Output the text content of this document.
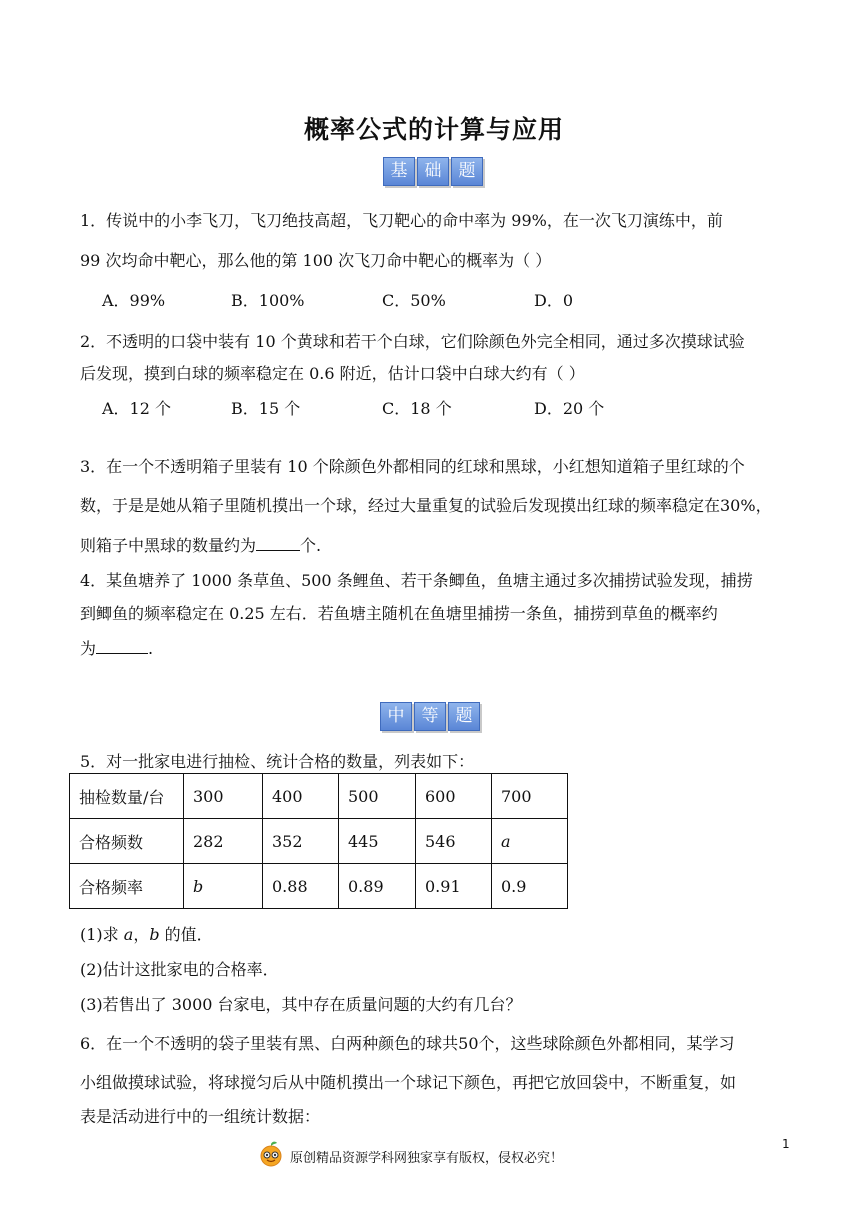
概率公式的计算与应用
基	础	题
1．传说中的小李飞刀，飞刀绝技高超，飞刀靶心的命中率为 99%，在一次飞刀演练中，前
99 次均命中靶心，那么他的第 100 次飞刀命中靶心的概率为（ ）
A．99%	B．100%	C．50%	D．0
2．不透明的口袋中装有 10 个黄球和若干个白球，它们除颜色外完全相同，通过多次摸球试验
后发现，摸到白球的频率稳定在 0.6 附近，估计口袋中白球大约有（ ）
A．12 个	B．15 个	C．18 个	D．20 个
3．在一个不透明箱子里装有 10 个除颜色外都相同的红球和黑球，小红想知道箱子里红球的个
数，于是是她从箱子里随机摸出一个球，经过大量重复的试验后发现摸出红球的频率稳定在30%，
则箱子中黑球的数量约为	个.
4．某鱼塘养了 1000 条草鱼、500 条鲤鱼、若干条鲫鱼，鱼塘主通过多次捕捞试验发现，捕捞
到鲫鱼的频率稳定在 0.25 左右．若鱼塘主随机在鱼塘里捕捞一条鱼，捕捞到草鱼的概率约
为	.
中	等	题
5．对一批家电进行抽检、统计合格的数量，列表如下：
抽检数量/台	300	400	500	600	700
合格频数	282	352	445	546	a
合格频率	b	0.88	0.89	0.91	0.9
(1)求 a，b 的值．
(2)估计这批家电的合格率．
(3)若售出了 3000 台家电，其中存在质量问题的大约有几台？
6．在一个不透明的袋子里装有黑、白两种颜色的球共50个，这些球除颜色外都相同，某学习
小组做摸球试验，将球搅匀后从中随机摸出一个球记下颜色，再把它放回袋中，不断重复，如
表是活动进行中的一组统计数据：
原创精品资源学科网独家享有版权，侵权必究！
1
